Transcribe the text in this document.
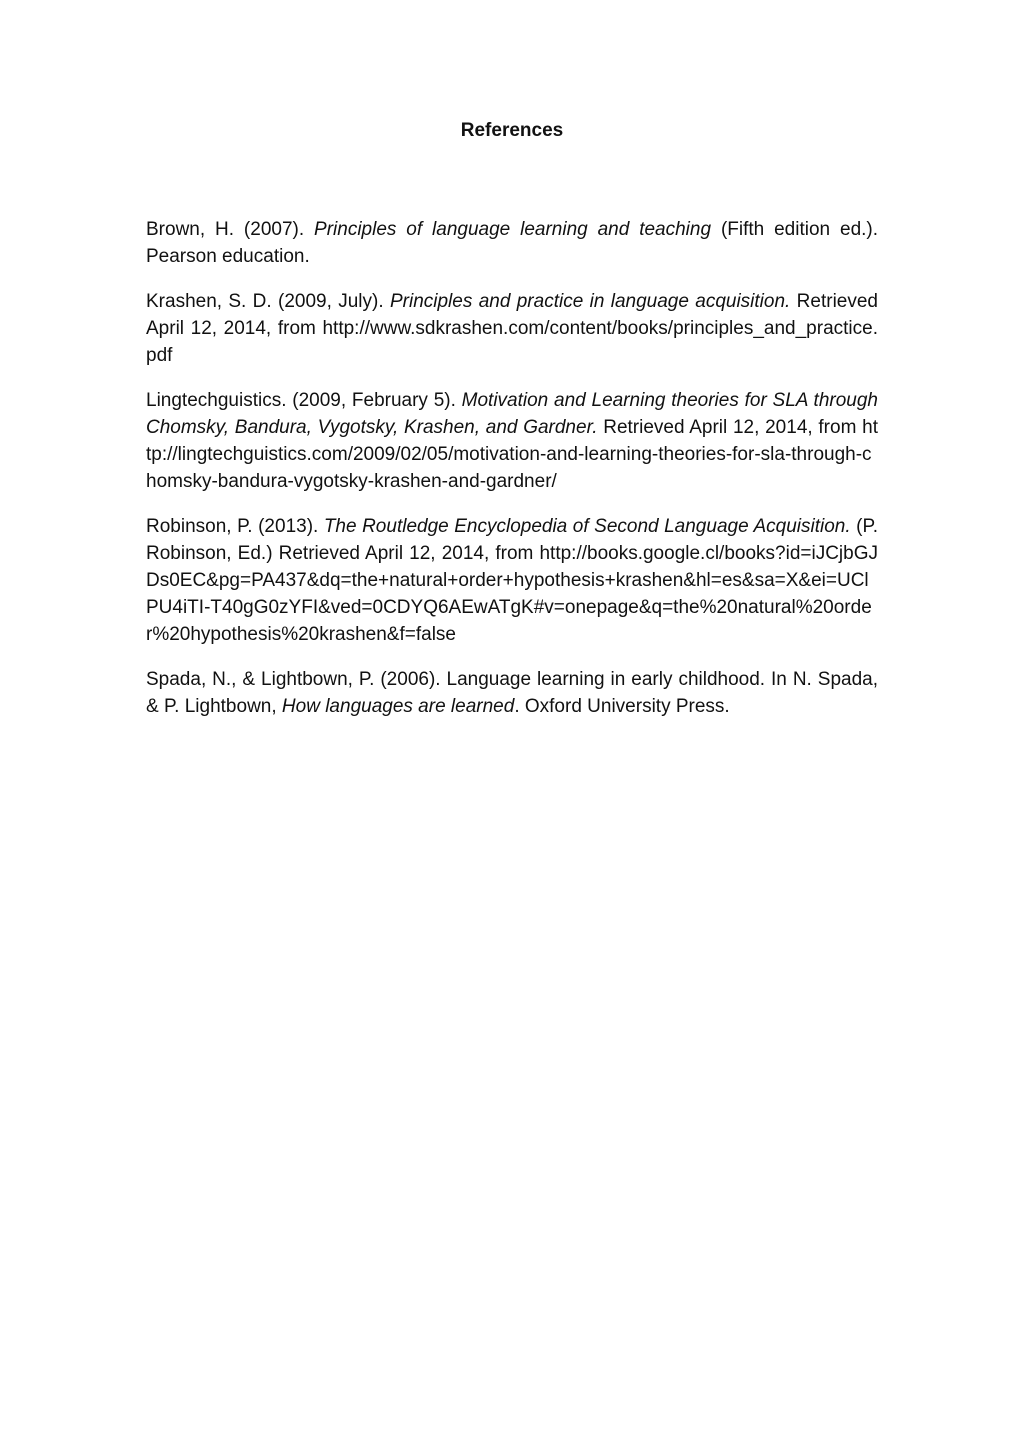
References

Brown, H. (2007). Principles of language learning and teaching (Fifth edition ed.). Pearson education.

Krashen, S. D. (2009, July). Principles and practice in language acquisition. Retrieved April 12, 2014, from http://www.sdkrashen.com/content/books/principles_and_practice.pdf

Lingtechguistics. (2009, February 5). Motivation and Learning theories for SLA through Chomsky, Bandura, Vygotsky, Krashen, and Gardner. Retrieved April 12, 2014, from http://lingtechguistics.com/2009/02/05/motivation-and-learning-theories-for-sla-through-chomsky-bandura-vygotsky-krashen-and-gardner/

Robinson, P. (2013). The Routledge Encyclopedia of Second Language Acquisition. (P. Robinson, Ed.) Retrieved April 12, 2014, from http://books.google.cl/books?id=iJCjbGJDs0EC&pg=PA437&dq=the+natural+order+hypothesis+krashen&hl=es&sa=X&ei=UClPU4iTI-T40gG0zYFI&ved=0CDYQ6AEwATgK#v=onepage&q=the%20natural%20order%20hypothesis%20krashen&f=false

Spada, N., & Lightbown, P. (2006). Language learning in early childhood. In N. Spada, & P. Lightbown, How languages are learned. Oxford University Press.
